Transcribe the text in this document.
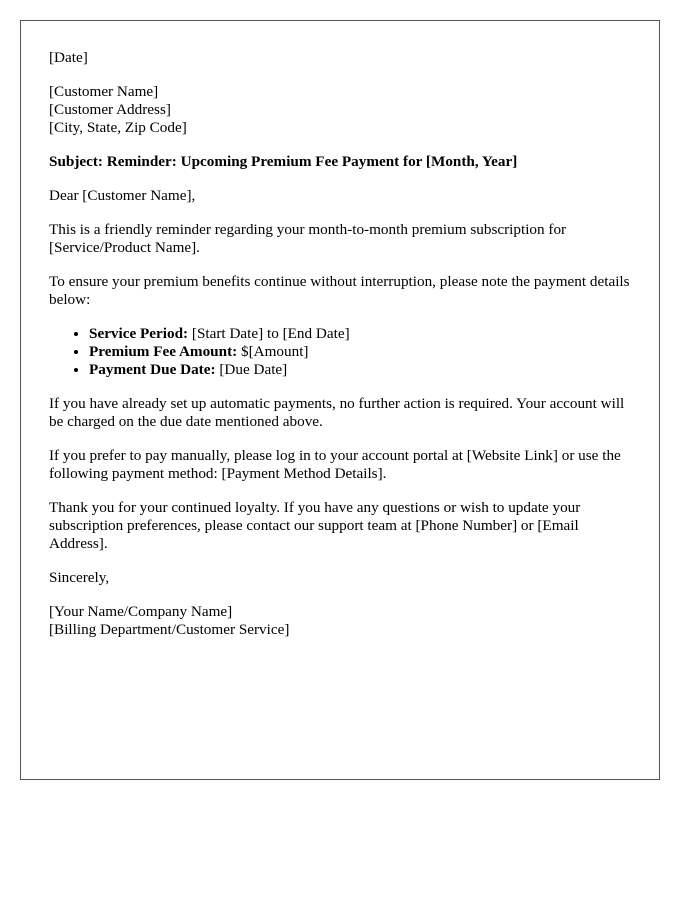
[Date]

[Customer Name]
[Customer Address]
[City, State, Zip Code]

Subject: Reminder: Upcoming Premium Fee Payment for [Month, Year]

Dear [Customer Name],

This is a friendly reminder regarding your month-to-month premium subscription for [Service/Product Name].

To ensure your premium benefits continue without interruption, please note the payment details below:

• Service Period: [Start Date] to [End Date]
• Premium Fee Amount: $[Amount]
• Payment Due Date: [Due Date]

If you have already set up automatic payments, no further action is required. Your account will be charged on the due date mentioned above.

If you prefer to pay manually, please log in to your account portal at [Website Link] or use the following payment method: [Payment Method Details].

Thank you for your continued loyalty. If you have any questions or wish to update your subscription preferences, please contact our support team at [Phone Number] or [Email Address].

Sincerely,

[Your Name/Company Name]
[Billing Department/Customer Service]
